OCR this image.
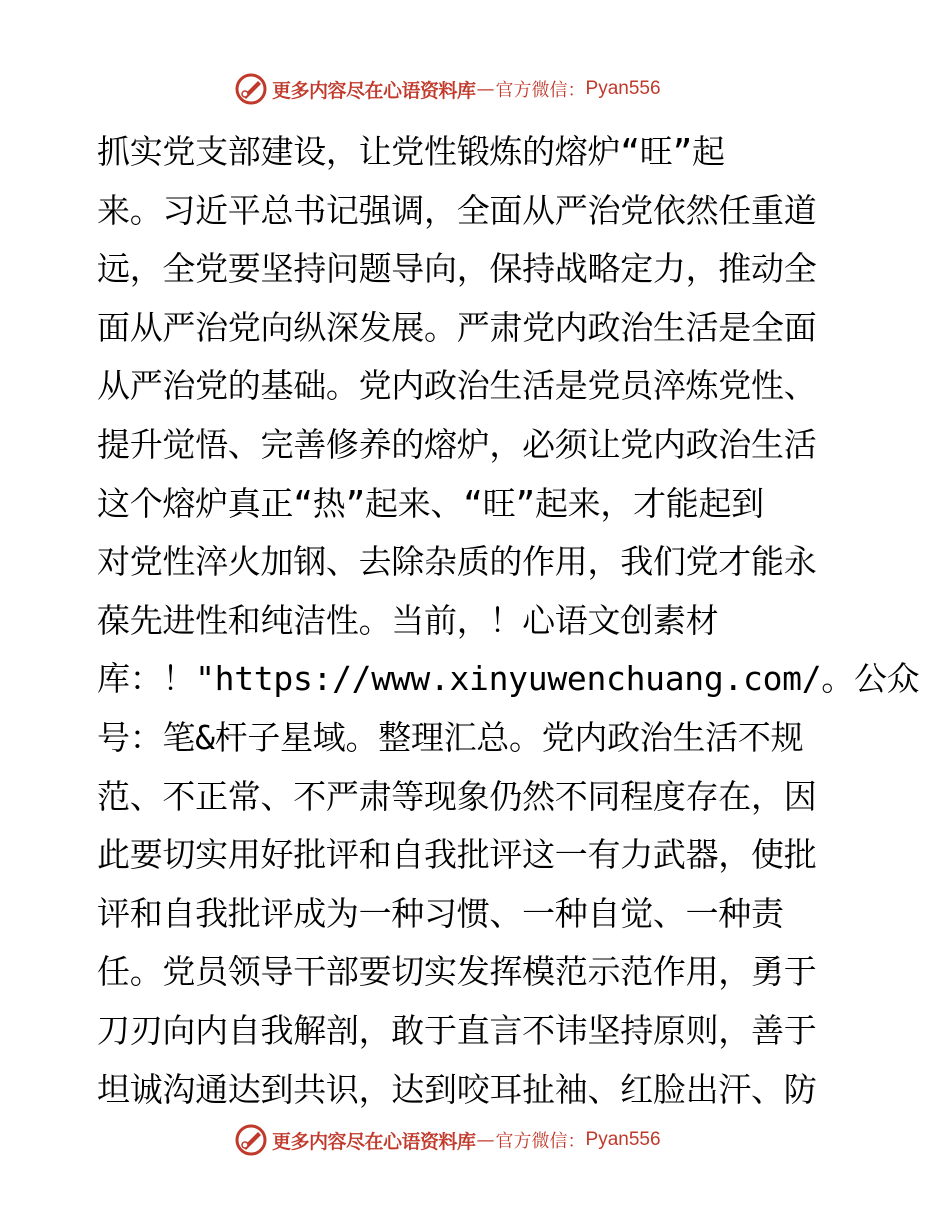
更多内容尽在心语资料库 — 官方微信： Pyan556
抓实党支部建设，让党性锻炼的熔炉“旺”起
来。习近平总书记强调，全面从严治党依然任重道
远，全党要坚持问题导向，保持战略定力，推动全
面从严治党向纵深发展。严肃党内政治生活是全面
从严治党的基础。党内政治生活是党员淬炼党性、
提升觉悟、完善修养的熔炉，必须让党内政治生活
这个熔炉真正“热”起来、“旺”起来，才能起到
对党性淬火加钢、去除杂质的作用，我们党才能永
葆先进性和纯洁性。当前，！心语文创素材
库：！"https://www.xinyuwenchuang.com/。公众
号：笔&杆子星域。整理汇总。党内政治生活不规
范、不正常、不严肃等现象仍然不同程度存在，因
此要切实用好批评和自我批评这一有力武器，使批
评和自我批评成为一种习惯、一种自觉、一种责
任。党员领导干部要切实发挥模范示范作用，勇于
刀刃向内自我解剖，敢于直言不讳坚持原则，善于
坦诚沟通达到共识，达到咬耳扯袖、红脸出汗、防
更多内容尽在心语资料库 — 官方微信： Pyan556
